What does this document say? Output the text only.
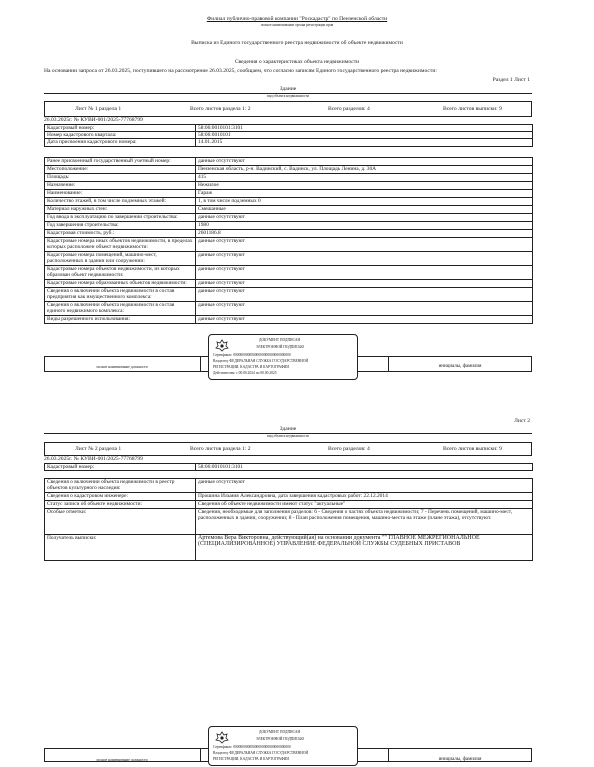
Филиал публично-правовой компании "Роскадастр" по Пензенской области
полное наименование органа регистрации прав
Выписка из Единого государственного реестра недвижимости об объекте недвижимости
Сведения о характеристиках объекта недвижимости
На основании запроса от 26.03.2025, поступившего на рассмотрение 26.03.2025, сообщаем, что согласно записям Единого государственного реестра недвижимости:
Раздел 1 Лист 1
Здание
вид объекта недвижимости
Лист № 1 раздела 1	Всего листов раздела 1: 2	Всего разделов: 4	Всего листов выписки: 9
26.03.2025г. № КУВИ-001/2025-77768799
Кадастровый номер:	58:06:0010101:3101
Номер кадастрового квартала:	58:06:0010101
Дата присвоения кадастрового номера:	14.01.2015
Ранее присвоенный государственный учетный номер:	данные отсутствуют
Местоположение:	Пензенская область, р-н. Вадинский, с. Вадинск, ул. Площадь Ленина, д. 30А
Площадь:	415
Назначение:	Нежилое
Наименование:	Гараж
Количество этажей, в том числе подземных этажей:	1, в том числе подземных 0
Материал наружных стен:	Смешанные
Год ввода в эксплуатацию по завершении строительства:	данные отсутствуют
Год завершения строительства:	1980
Кадастровая стоимость, руб.:	2601186.8
Кадастровые номера иных объектов недвижимости, в пределах которых расположен объект недвижимости:	данные отсутствуют
Кадастровые номера помещений, машино-мест, расположенных в здании или сооружении:	данные отсутствуют
Кадастровые номера объектов недвижимости, из которых образован объект недвижимости:	данные отсутствуют
Кадастровые номера образованных объектов недвижимости:	данные отсутствуют
Сведения о включении объекта недвижимости в состав предприятия как имущественного комплекса:	данные отсутствуют
Сведения о включении объекта недвижимости в состав единого недвижимого комплекса:	данные отсутствуют
Виды разрешенного использования:	данные отсутствуют
полное наименование должности	инициалы, фамилия
ДОКУМЕНТ ПОДПИСАН
ЭЛЕКТРОННОЙ ПОДПИСЬЮ
Сертификат: 00000000000000000000000000000000
Владелец: ФЕДЕРАЛЬНАЯ СЛУЖБА ГОСУДАРСТВЕННОЙ
РЕГИСТРАЦИИ, КАДАСТРА И КАРТОГРАФИИ
Действителен: с 00.00.2024 по 00.00.2025
Лист 2
Здание
вид объекта недвижимости
Лист № 2 раздела 1	Всего листов раздела 1: 2	Всего разделов: 4	Всего листов выписки: 9
26.03.2025г. № КУВИ-001/2025-77768799
Кадастровый номер:	58:06:0010101:3101
Сведения о включении объекта недвижимости в реестр объектов культурного наследия:	данные отсутствуют
Сведения о кадастровом инженере:	Прошина Ильмия Александровна, дата завершения кадастровых работ: 22.12.2014
Статус записи об объекте недвижимости:	Сведения об объекте недвижимости имеют статус "актуальные"
Особые отметки:	Сведения, необходимые для заполнения разделов: 6 - Сведения о частях объекта недвижимости; 7 - Перечень помещений, машино-мест, расположенных в здании, сооружении; 8 - План расположения помещения, машино-места на этаже (плане этажа), отсутствуют.
Получатель выписки:	Артемова Вера Викторовна, действующий(ая) на основании документа "" ГЛАВНОЕ МЕЖРЕГИОНАЛЬНОЕ (СПЕЦИАЛИЗИРОВАННОЕ) УПРАВЛЕНИЕ ФЕДЕРАЛЬНОЙ СЛУЖБЫ СУДЕБНЫХ ПРИСТАВОВ
полное наименование должности	инициалы, фамилия
ДОКУМЕНТ ПОДПИСАН
ЭЛЕКТРОННОЙ ПОДПИСЬЮ
Сертификат: 00000000000000000000000000000000
Владелец: ФЕДЕРАЛЬНАЯ СЛУЖБА ГОСУДАРСТВЕННОЙ
РЕГИСТРАЦИИ, КАДАСТРА И КАРТОГРАФИИ
